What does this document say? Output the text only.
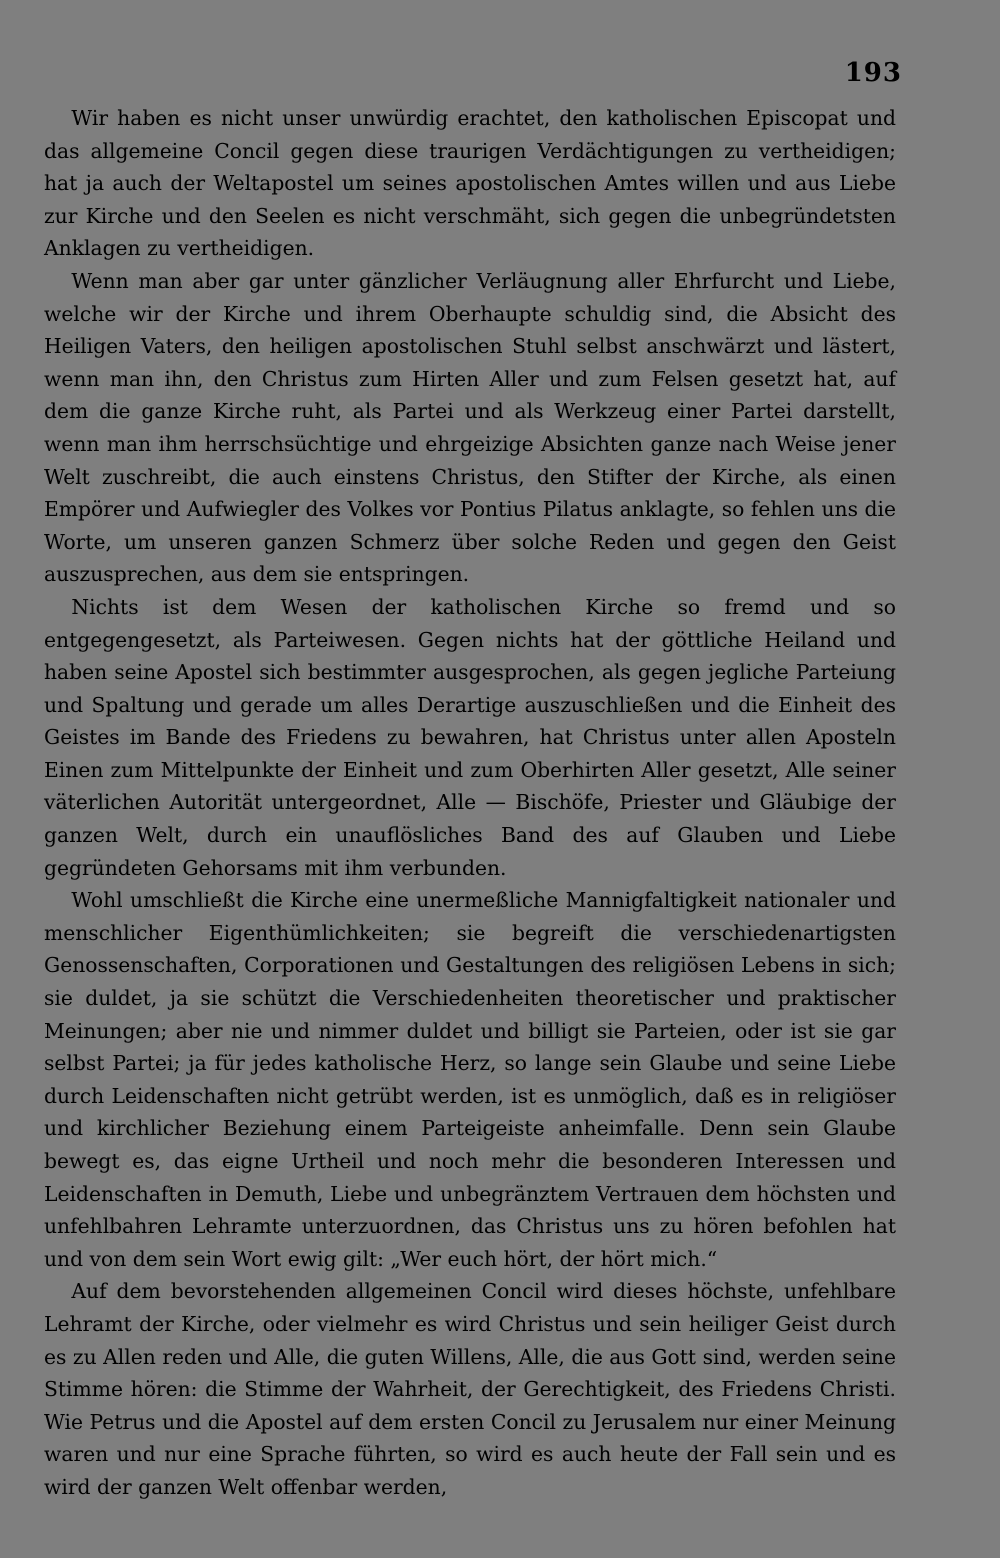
193

Wir haben es nicht unser unwürdig erachtet, den katholischen Episcopat und das allgemeine Concil gegen diese traurigen Verdächtigungen zu vertheidigen; hat ja auch der Weltapostel um seines apostolischen Amtes willen und aus Liebe zur Kirche und den Seelen es nicht verschmäht, sich gegen die unbegründetsten Anklagen zu vertheidigen.

Wenn man aber gar unter gänzlicher Verläugnung aller Ehrfurcht und Liebe, welche wir der Kirche und ihrem Oberhaupte schuldig sind, die Absicht des Heiligen Vaters, den heiligen apostolischen Stuhl selbst anschwärzt und lästert, wenn man ihn, den Christus zum Hirten Aller und zum Felsen gesetzt hat, auf dem die ganze Kirche ruht, als Partei und als Werkzeug einer Partei darstellt, wenn man ihm herrschsüchtige und ehrgeizige Absichten ganze nach Weise jener Welt zuschreibt, die auch einstens Christus, den Stifter der Kirche, als einen Empörer und Aufwiegler des Volkes vor Pontius Pilatus anklagte, so fehlen uns die Worte, um unseren ganzen Schmerz über solche Reden und gegen den Geist auszusprechen, aus dem sie entspringen.

Nichts ist dem Wesen der katholischen Kirche so fremd und so entgegengesetzt, als Parteiwesen. Gegen nichts hat der göttliche Heiland und haben seine Apostel sich bestimmter ausgesprochen, als gegen jegliche Parteiung und Spaltung und gerade um alles Derartige auszuschließen und die Einheit des Geistes im Bande des Friedens zu bewahren, hat Christus unter allen Aposteln Einen zum Mittelpunkte der Einheit und zum Oberhirten Aller gesetzt, Alle seiner väterlichen Autorität untergeordnet, Alle — Bischöfe, Priester und Gläubige der ganzen Welt, durch ein unauflösliches Band des auf Glauben und Liebe gegründeten Gehorsams mit ihm verbunden.

Wohl umschließt die Kirche eine unermeßliche Mannigfaltigkeit nationaler und menschlicher Eigenthümlichkeiten; sie begreift die verschiedenartigsten Genossenschaften, Corporationen und Gestaltungen des religiösen Lebens in sich; sie duldet, ja sie schützt die Verschiedenheiten theoretischer und praktischer Meinungen; aber nie und nimmer duldet und billigt sie Parteien, oder ist sie gar selbst Partei; ja für jedes katholische Herz, so lange sein Glaube und seine Liebe durch Leidenschaften nicht getrübt werden, ist es unmöglich, daß es in religiöser und kirchlicher Beziehung einem Parteigeiste anheimfalle. Denn sein Glaube bewegt es, das eigne Urtheil und noch mehr die besonderen Interessen und Leidenschaften in Demuth, Liebe und unbegränztem Vertrauen dem höchsten und unfehlbahren Lehramte unterzuordnen, das Christus uns zu hören befohlen hat und von dem sein Wort ewig gilt: „Wer euch hört, der hört mich.“

Auf dem bevorstehenden allgemeinen Concil wird dieses höchste, unfehlbare Lehramt der Kirche, oder vielmehr es wird Christus und sein heiliger Geist durch es zu Allen reden und Alle, die guten Willens, Alle, die aus Gott sind, werden seine Stimme hören: die Stimme der Wahrheit, der Gerechtigkeit, des Friedens Christi. Wie Petrus und die Apostel auf dem ersten Concil zu Jerusalem nur einer Meinung waren und nur eine Sprache führten, so wird es auch heute der Fall sein und es wird der ganzen Welt offenbar werden,
